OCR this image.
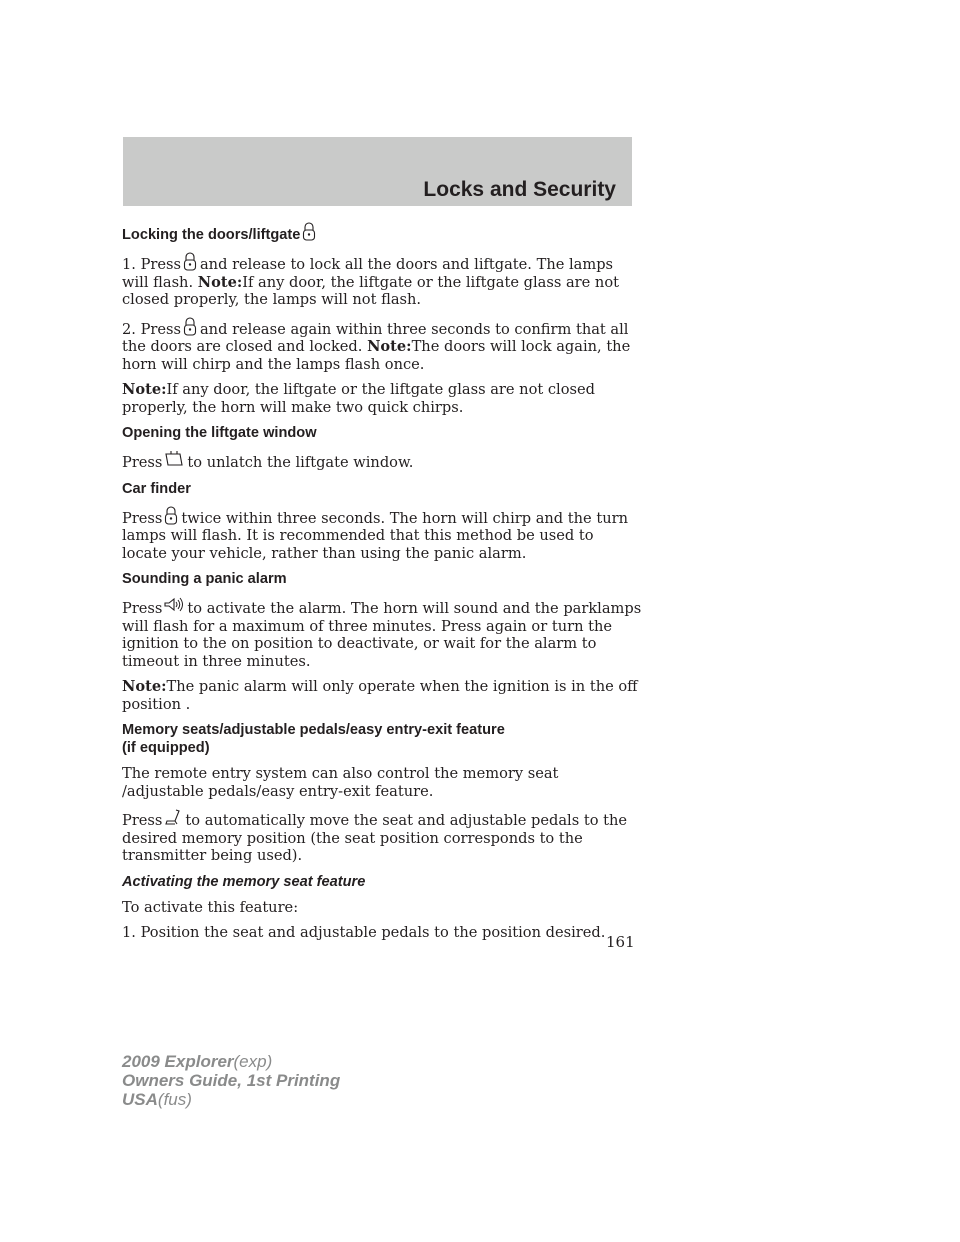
Locks and Security
Locking the doors/liftgate

1. Press and release to lock all the doors and liftgate. The lamps will flash. Note:If any door, the liftgate or the liftgate glass are not closed properly, the lamps will not flash.

2. Press and release again within three seconds to confirm that all the doors are closed and locked. Note:The doors will lock again, the horn will chirp and the lamps flash once.

Note:If any door, the liftgate or the liftgate glass are not closed properly, the horn will make two quick chirps.

Opening the liftgate window

Press to unlatch the liftgate window.

Car finder

Press twice within three seconds. The horn will chirp and the turn lamps will flash. It is recommended that this method be used to locate your vehicle, rather than using the panic alarm.

Sounding a panic alarm

Press to activate the alarm. The horn will sound and the parklamps will flash for a maximum of three minutes. Press again or turn the ignition to the on position to deactivate, or wait for the alarm to timeout in three minutes.

Note:The panic alarm will only operate when the ignition is in the off position .

Memory seats/adjustable pedals/easy entry-exit feature
(if equipped)

The remote entry system can also control the memory seat /adjustable pedals/easy entry-exit feature.

Press to automatically move the seat and adjustable pedals to the desired memory position (the seat position corresponds to the transmitter being used).

Activating the memory seat feature

To activate this feature:

1. Position the seat and adjustable pedals to the position desired.

161
2009 Explorer(exp)
Owners Guide, 1st Printing
USA(fus)
